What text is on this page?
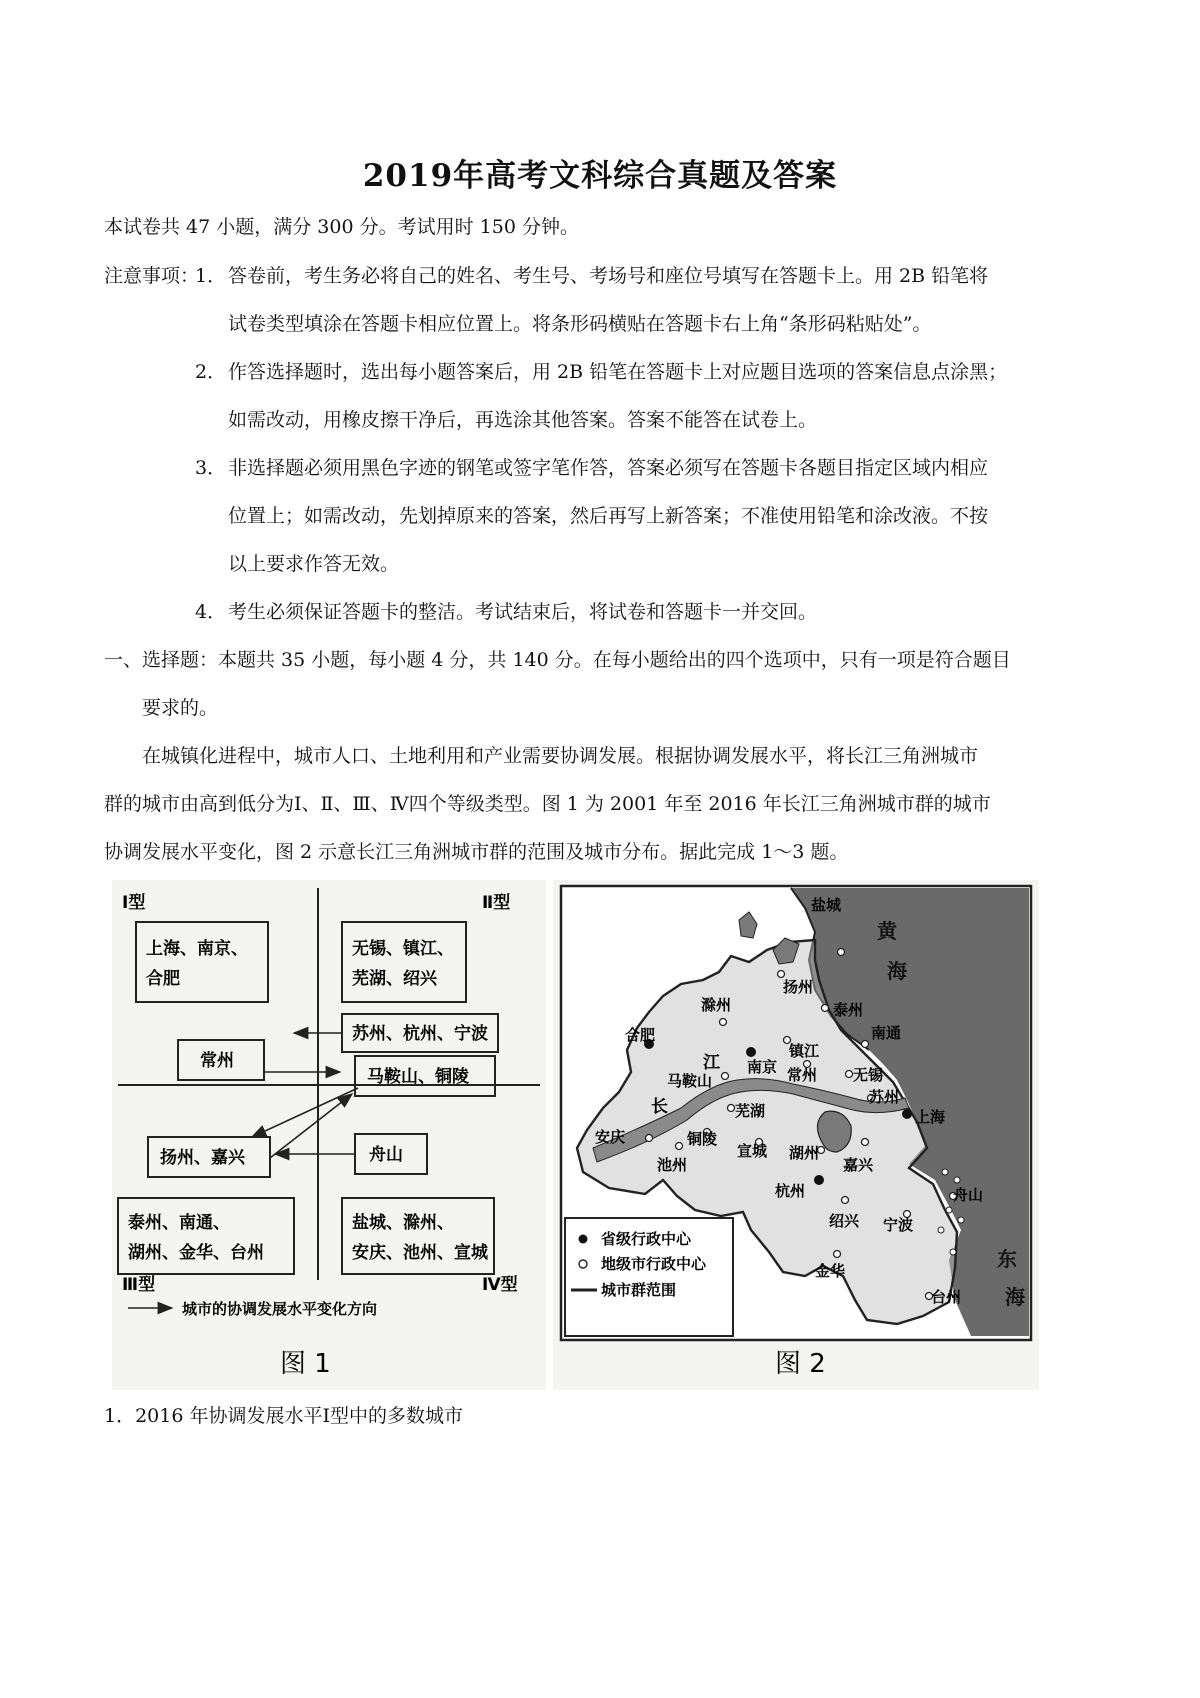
2019年高考文科综合真题及答案
本试卷共 47 小题，满分 300 分。考试用时 150 分钟。
注意事项：
1． 答卷前，考生务必将自己的姓名、考生号、考场号和座位号填写在答题卡上。用 2B 铅笔将
试卷类型填涂在答题卡相应位置上。将条形码横贴在答题卡右上角“条形码粘贴处”。
2． 作答选择题时，选出每小题答案后，用 2B 铅笔在答题卡上对应题目选项的答案信息点涂黑；
如需改动，用橡皮擦干净后，再选涂其他答案。答案不能答在试卷上。
3． 非选择题必须用黑色字迹的钢笔或签字笔作答，答案必须写在答题卡各题目指定区域内相应
位置上；如需改动，先划掉原来的答案，然后再写上新答案；不准使用铅笔和涂改液。不按
以上要求作答无效。
4． 考生必须保证答题卡的整洁。考试结束后，将试卷和答题卡一并交回。
一、选择题：本题共 35 小题，每小题 4 分，共 140 分。在每小题给出的四个选项中，只有一项是符合题目
要求的。
在城镇化进程中，城市人口、土地利用和产业需要协调发展。根据协调发展水平，将长江三角洲城市
群的城市由高到低分为Ⅰ、Ⅱ、Ⅲ、Ⅳ四个等级类型。图 1 为 2001 年至 2016 年长江三角洲城市群的城市
协调发展水平变化，图 2 示意长江三角洲城市群的范围及城市分布。据此完成 1～3 题。
Ⅰ型	Ⅱ型
Ⅲ型	Ⅳ型
上海、南京、
合肥
无锡、镇江、
芜湖、绍兴
苏州、杭州、宁波
常州
马鞍山、铜陵
扬州、嘉兴	舟山
泰州、南通、
湖州、金华、台州
盐城、滁州、
安庆、池州、宣城
城市的协调发展水平变化方向
图 1
黄
海
东
海
江
长
盐城
扬州
泰州
南通
滁州
合肥
镇江
南京 常州 无锡
苏州
上海
马鞍山
芜湖
安庆	铜陵
池州
宣城 湖州
嘉兴
杭州
绍兴 宁波
舟山
金华
台州
省级行政中心
地级市行政中心
城市群范围
图 2
1．2016 年协调发展水平Ⅰ型中的多数城市
